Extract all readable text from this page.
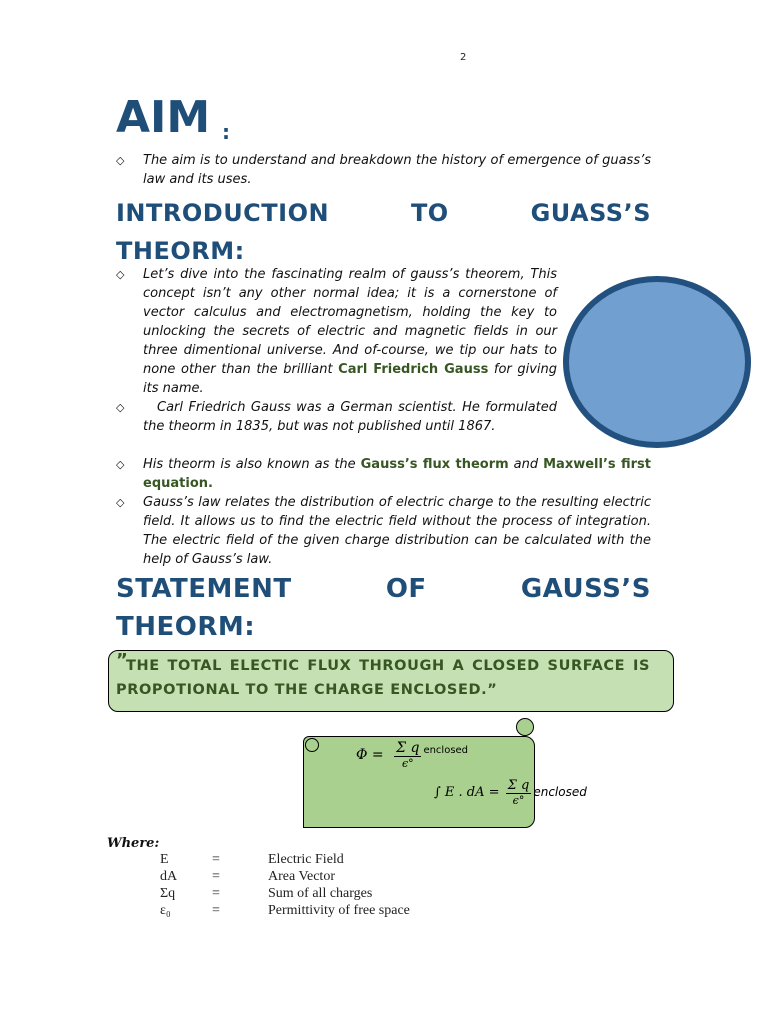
2
AIM :
◇ The aim is to understand and breakdown the history of emergence of guass’s law and its uses.
INTRODUCTION	TO	GUASS’S
THEORM:
◇ Let’s dive into the fascinating realm of gauss’s theorem, This concept isn’t any other normal idea; it is a cornerstone of vector calculus and electromagnetism, holding the key to unlocking the secrets of electric and magnetic fields in our three dimentional universe. And of-course, we tip our hats to none other than the brilliant Carl Friedrich Gauss for giving its name.
◇	Carl Friedrich Gauss was a German scientist. He formulated the theorm in 1835, but was not published until 1867.
◇ His theorm is also known as the Gauss’s flux theorm and Maxwell’s first equation.
◇ Gauss’s law relates the distribution of electric charge to the resulting electric field. It allows us to find the electric field without the process of integration. The electric field of the given charge distribution can be calculated with the help of Gauss’s law.
STATEMENT	OF	GAUSS’S
THEORM:
”
THE TOTAL ELECTIC FLUX THROUGH A CLOSED SURFACE IS PROPOTIONAL TO THE CHARGE ENCLOSED.”
$\Phi = \frac{\text{Σ q}}{\epsilon^\circ} ^{enclosed}$
∫ E . dA = $\frac{\text{Σ q}}{\epsilon^\circ}$ enclosed
Where:
E	=	Electric Field
dA	=	Area Vector
Σq	=	Sum of all charges
ε₀	=	Permittivity of free space
